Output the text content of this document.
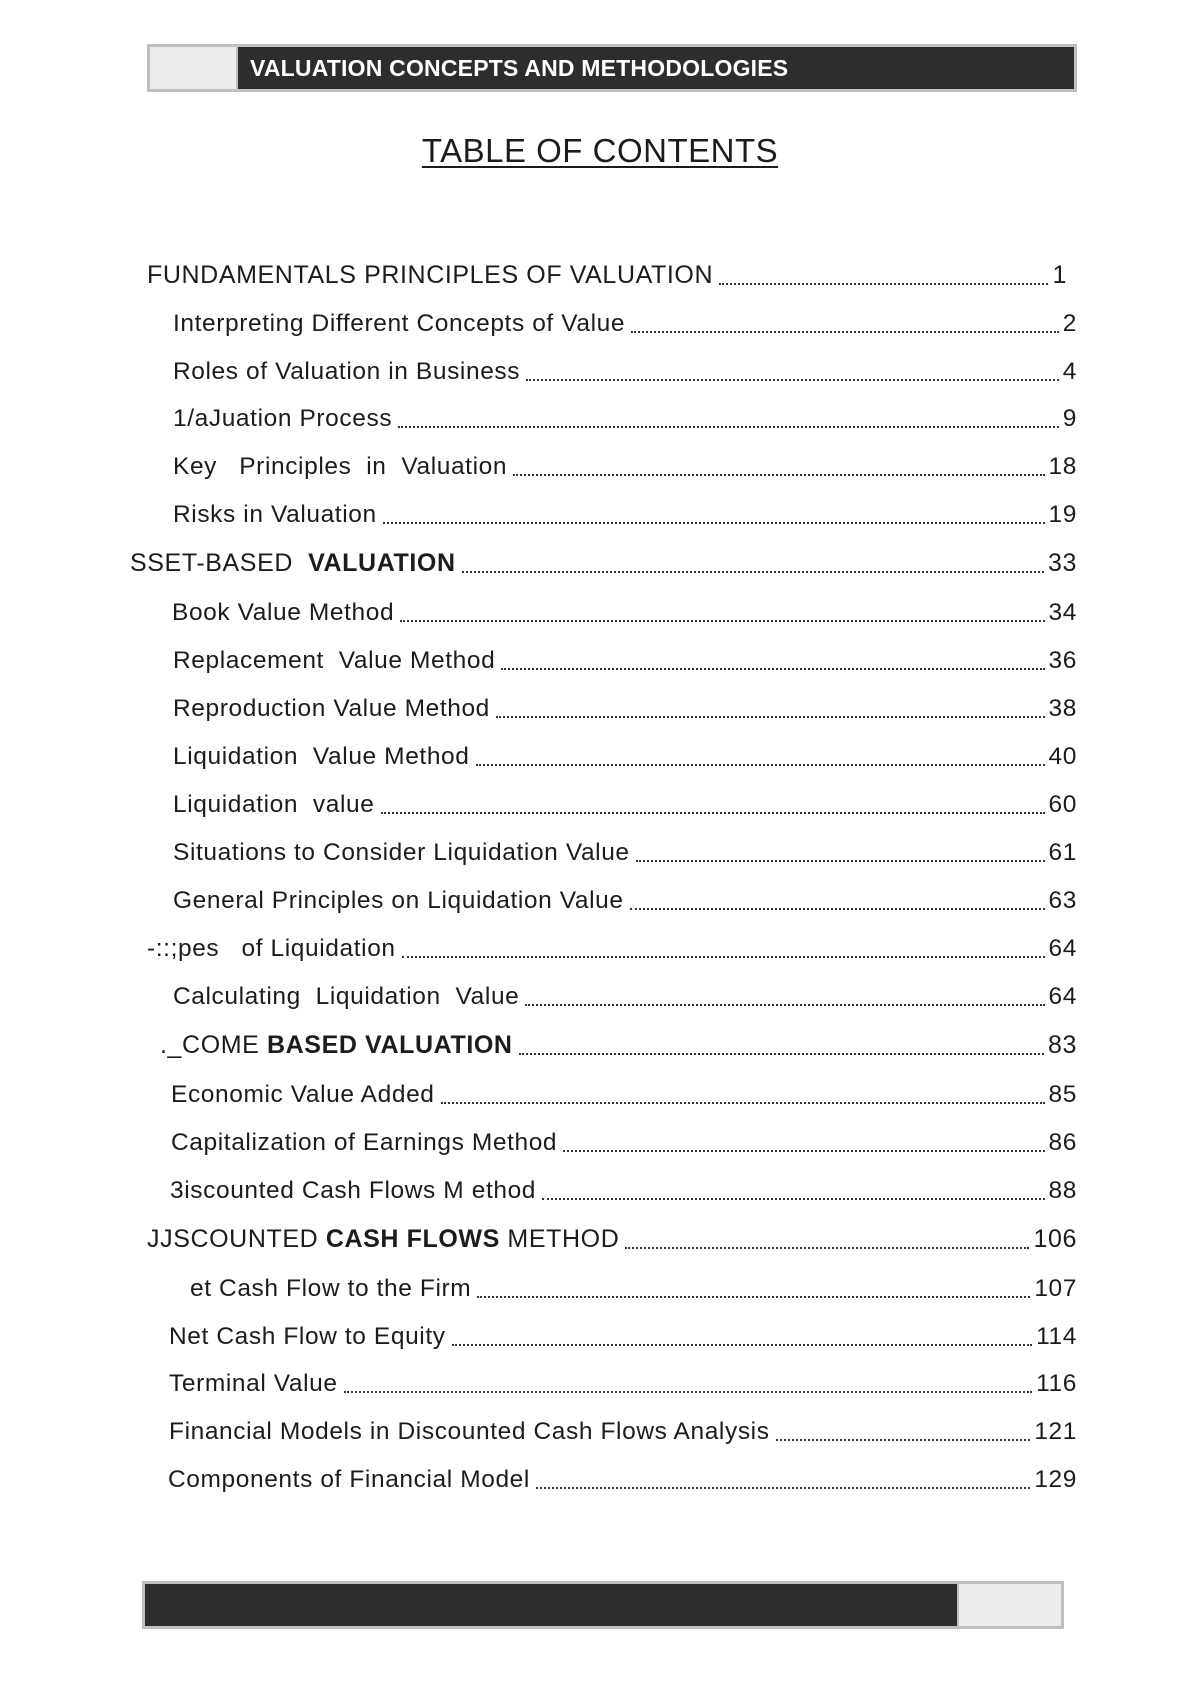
VALUATION CONCEPTS AND METHODOLOGIES
TABLE OF CONTENTS
FUNDAMENTALS PRINCIPLES OF VALUATION	1
Interpreting Different Concepts of Value	2
Roles of Valuation in Business	4
1/aJuation Process	9
Key   Principles  in  Valuation	18
Risks in Valuation	19
SSET-BASED  VALUATION	33
Book Value Method	34
Replacement  Value Method	36
Reproduction Value Method	38
Liquidation  Value Method	40
Liquidation  value	60
Situations to Consider Liquidation Value	61
General Principles on Liquidation Value	63
-::;pes   of Liquidation	64
Calculating  Liquidation  Value	64
._COME BASED VALUATION	83
Economic Value Added	85
Capitalization of Earnings Method	86
3iscounted Cash Flows M ethod	88
JJSCOUNTED CASH FLOWS METHOD	106
et Cash Flow to the Firm	107
Net Cash Flow to Equity	114
Terminal Value	116
Financial Models in Discounted Cash Flows Analysis	121
Components of Financial Model	129
